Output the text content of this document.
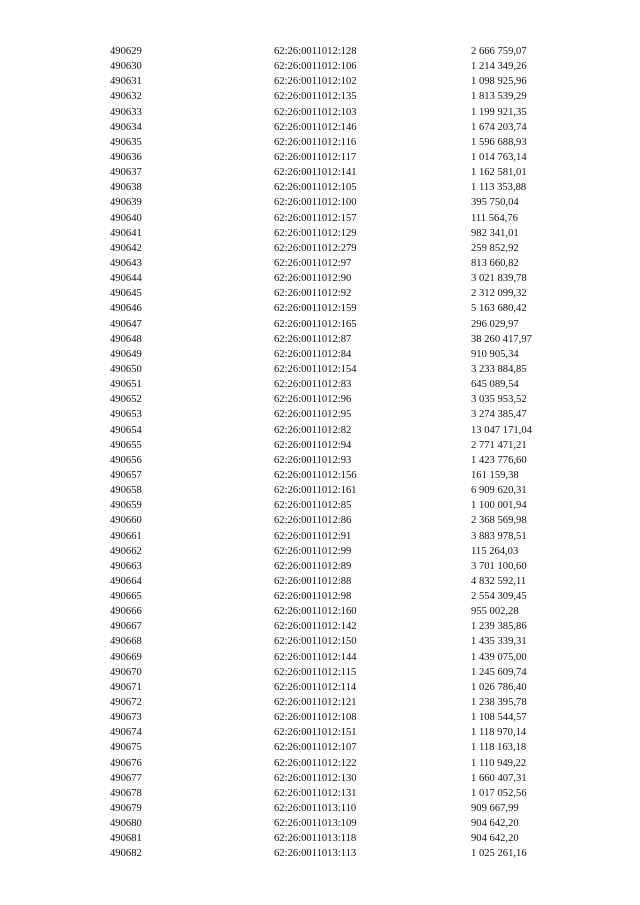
490629	62:26:0011012:128	2 666 759,07
490630	62:26:0011012:106	1 214 349,26
490631	62:26:0011012:102	1 098 925,96
490632	62:26:0011012:135	1 813 539,29
490633	62:26:0011012:103	1 199 921,35
490634	62:26:0011012:146	1 674 203,74
490635	62:26:0011012:116	1 596 688,93
490636	62:26:0011012:117	1 014 763,14
490637	62:26:0011012:141	1 162 581,01
490638	62:26:0011012:105	1 113 353,88
490639	62:26:0011012:100	395 750,04
490640	62:26:0011012:157	111 564,76
490641	62:26:0011012:129	982 341,01
490642	62:26:0011012:279	259 852,92
490643	62:26:0011012:97	813 660,82
490644	62:26:0011012:90	3 021 839,78
490645	62:26:0011012:92	2 312 099,32
490646	62:26:0011012:159	5 163 680,42
490647	62:26:0011012:165	296 029,97
490648	62:26:0011012:87	38 260 417,97
490649	62:26:0011012:84	910 905,34
490650	62:26:0011012:154	3 233 884,85
490651	62:26:0011012:83	645 089,54
490652	62:26:0011012:96	3 035 953,52
490653	62:26:0011012:95	3 274 385,47
490654	62:26:0011012:82	13 047 171,04
490655	62:26:0011012:94	2 771 471,21
490656	62:26:0011012:93	1 423 776,60
490657	62:26:0011012:156	161 159,38
490658	62:26:0011012:161	6 909 620,31
490659	62:26:0011012:85	1 100 001,94
490660	62:26:0011012:86	2 368 569,98
490661	62:26:0011012:91	3 883 978,51
490662	62:26:0011012:99	115 264,03
490663	62:26:0011012:89	3 701 100,60
490664	62:26:0011012:88	4 832 592,11
490665	62:26:0011012:98	2 554 309,45
490666	62:26:0011012:160	955 002,28
490667	62:26:0011012:142	1 239 385,86
490668	62:26:0011012:150	1 435 339,31
490669	62:26:0011012:144	1 439 075,00
490670	62:26:0011012:115	1 245 609,74
490671	62:26:0011012:114	1 026 786,40
490672	62:26:0011012:121	1 238 395,78
490673	62:26:0011012:108	1 108 544,57
490674	62:26:0011012:151	1 118 970,14
490675	62:26:0011012:107	1 118 163,18
490676	62:26:0011012:122	1 110 949,22
490677	62:26:0011012:130	1 660 407,31
490678	62:26:0011012:131	1 017 052,56
490679	62:26:0011013:110	909 667,99
490680	62:26:0011013:109	904 642,20
490681	62:26:0011013:118	904 642,20
490682	62:26:0011013:113	1 025 261,16
